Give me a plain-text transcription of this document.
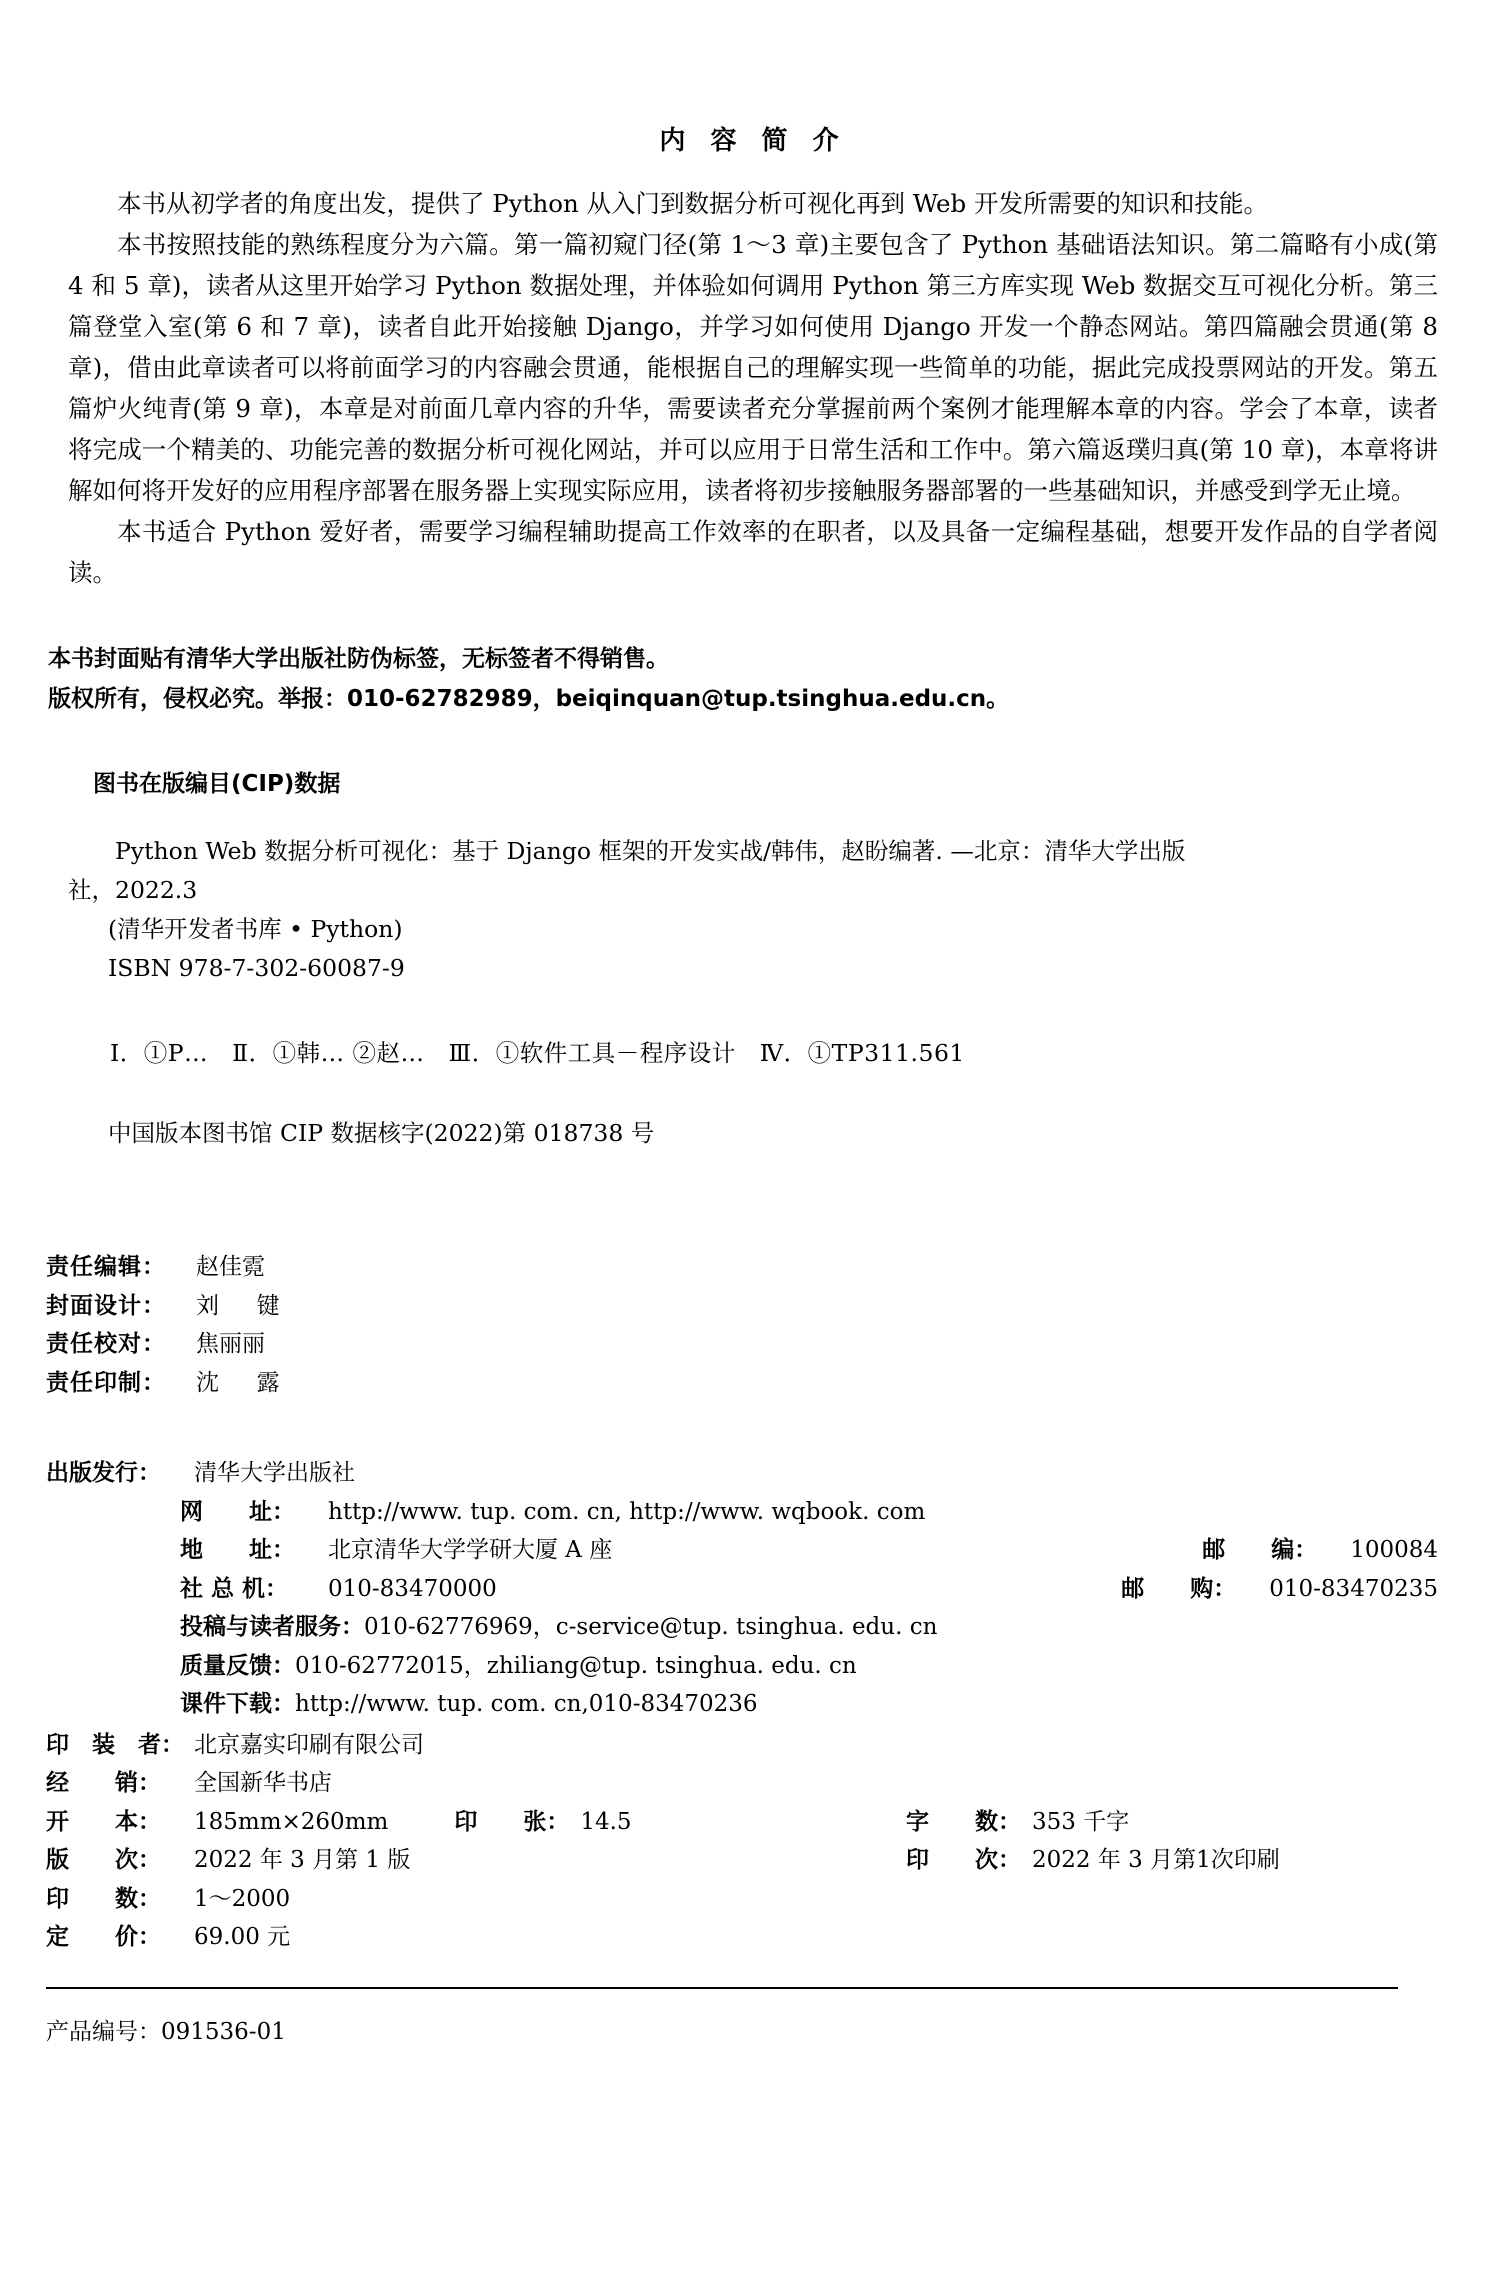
内 容 简 介

本书从初学者的角度出发，提供了 Python 从入门到数据分析可视化再到 Web 开发所需要的知识和技能。

本书按照技能的熟练程度分为六篇。第一篇初窥门径(第 1～3 章)主要包含了 Python 基础语法知识。第二篇略有小成(第 4 和 5 章)，读者从这里开始学习 Python 数据处理，并体验如何调用 Python 第三方库实现 Web 数据交互可视化分析。第三篇登堂入室(第 6 和 7 章)，读者自此开始接触 Django，并学习如何使用 Django 开发一个静态网站。第四篇融会贯通(第 8 章)，借由此章读者可以将前面学习的内容融会贯通，能根据自己的理解实现一些简单的功能，据此完成投票网站的开发。第五篇炉火纯青(第 9 章)，本章是对前面几章内容的升华，需要读者充分掌握前两个案例才能理解本章的内容。学会了本章，读者将完成一个精美的、功能完善的数据分析可视化网站，并可以应用于日常生活和工作中。第六篇返璞归真(第 10 章)，本章将讲解如何将开发好的应用程序部署在服务器上实现实际应用，读者将初步接触服务器部署的一些基础知识，并感受到学无止境。

本书适合 Python 爱好者，需要学习编程辅助提高工作效率的在职者，以及具备一定编程基础，想要开发作品的自学者阅读。

本书封面贴有清华大学出版社防伪标签，无标签者不得销售。
版权所有，侵权必究。举报：010-62782989，beiqinquan@tup.tsinghua.edu.cn。
图书在版编目(CIP)数据
Python Web 数据分析可视化：基于 Django 框架的开发实战/韩伟，赵盼编著. —北京：清华大学出版
社，2022.3
(清华开发者书库 • Python)
ISBN 978-7-302-60087-9
Ⅰ．①P…　Ⅱ．①韩… ②赵…　Ⅲ．①软件工具－程序设计　Ⅳ．①TP311.561
中国版本图书馆 CIP 数据核字(2022)第 018738 号
责任编辑：	赵佳霓
封面设计：	刘　  键
责任校对：	焦丽丽
责任印制：	沈　  露
出版发行：	清华大学出版社
网　　址：	http://www. tup. com. cn, http://www. wqbook. com
地　　址：	北京清华大学学研大厦 A 座	邮　　编：	100084
社 总 机：	010-83470000	邮　　购：	010-83470235
投稿与读者服务： 010-62776969，c-service@tup. tsinghua. edu. cn
质量反馈： 010-62772015，zhiliang@tup. tsinghua. edu. cn
课件下载： http://www. tup. com. cn,010-83470236
印　装　者： 北京嘉实印刷有限公司
经　　销：	全国新华书店
开　　本：	185mm×260mm	印　　张： 14.5	字　　数： 353 千字
版　　次：	2022 年 3 月第 1 版	印　　次： 2022 年 3 月第1次印刷
印　　数：	1～2000
定　　价：	69.00 元
产品编号：091536-01
